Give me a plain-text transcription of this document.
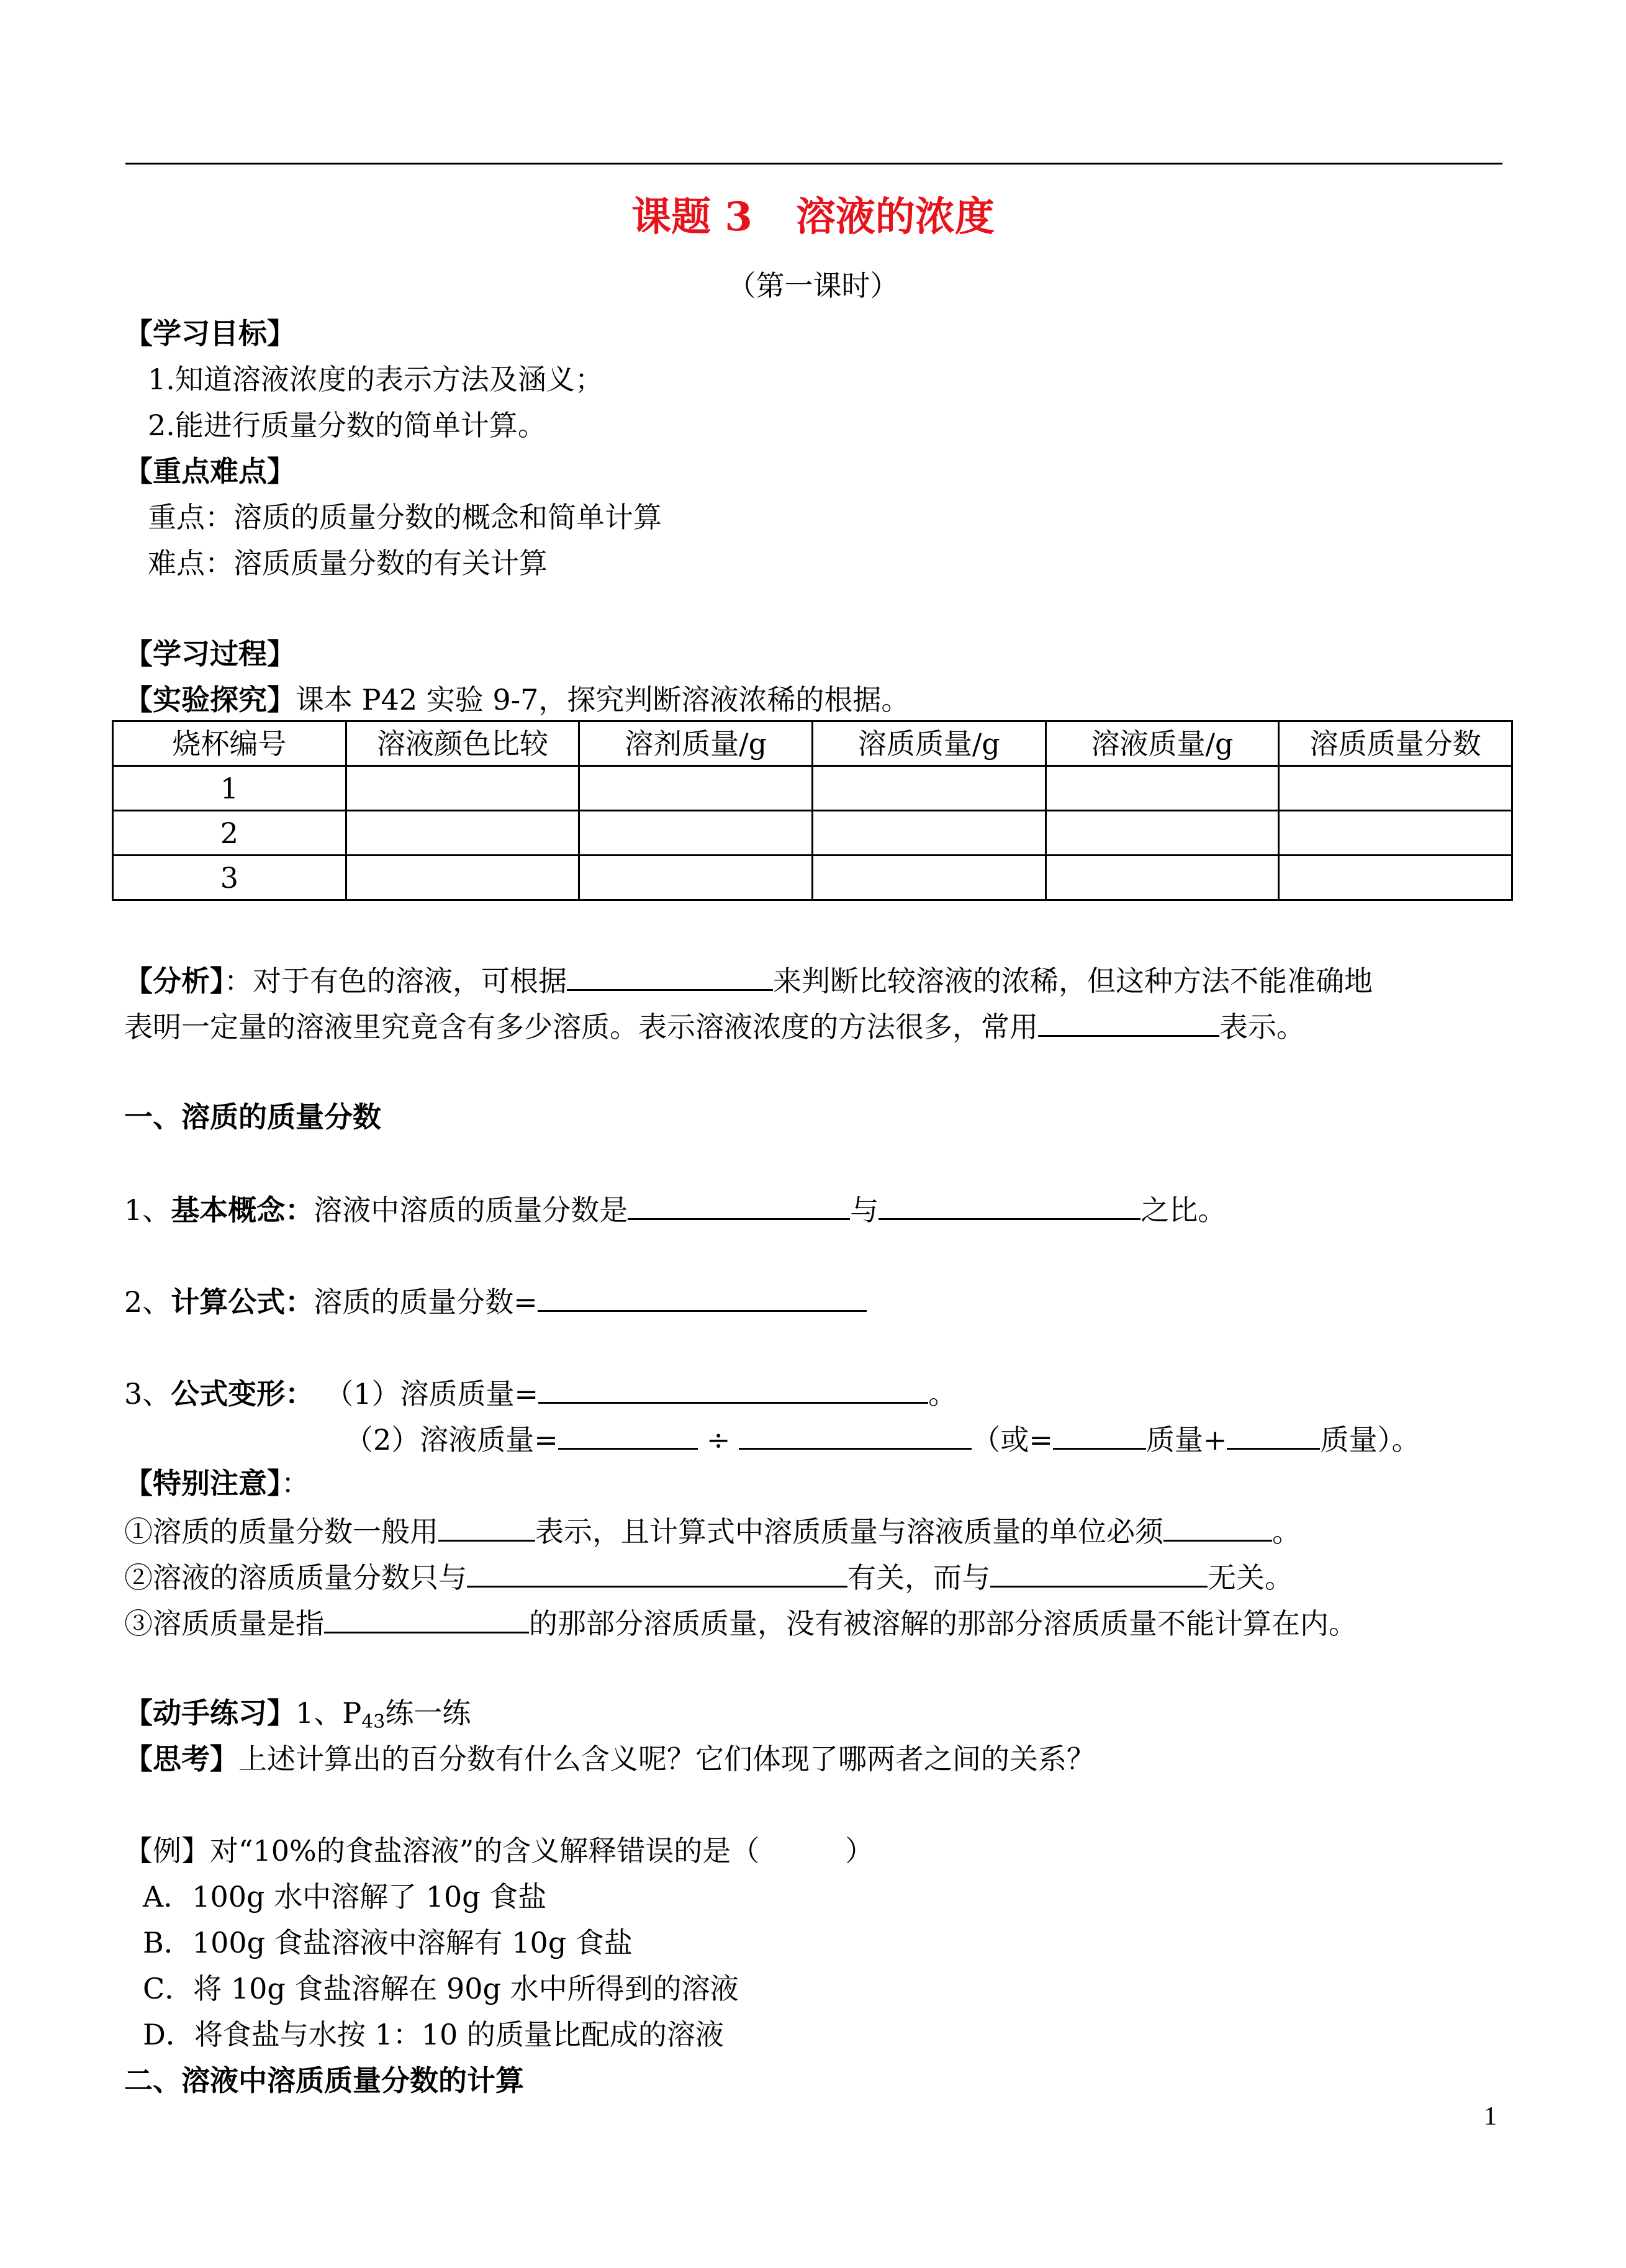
课题 3 溶液的浓度
（第一课时）
【学习目标】
1.知道溶液浓度的表示方法及涵义；
2.能进行质量分数的简单计算。
【重点难点】
重点：溶质的质量分数的概念和简单计算
难点：溶质质量分数的有关计算
【学习过程】
【实验探究】课本 P42 实验 9-7，探究判断溶液浓稀的根据。
烧杯编号	溶液颜色比较	溶剂质量/g	溶质质量/g	溶液质量/g	溶质质量分数
1					
2					
3					
【分析】：对于有色的溶液，可根据	来判断比较溶液的浓稀，但这种方法不能准确地
表明一定量的溶液里究竟含有多少溶质。表示溶液浓度的方法很多，常用	表示。
一、溶质的质量分数
1、基本概念：溶液中溶质的质量分数是	与	之比。
2、计算公式：溶质的质量分数=
3、公式变形： （1）溶质质量=	。
（2）溶液质量=	÷	（或=	质量+	质量）。
【特别注意】：
①溶质的质量分数一般用	表示，且计算式中溶质质量与溶液质量的单位必须	。
②溶液的溶质质量分数只与	有关，而与	无关。
③溶质质量是指	的那部分溶质质量，没有被溶解的那部分溶质质量不能计算在内。
【动手练习】1、$P_{43}$练一练
【思考】上述计算出的百分数有什么含义呢？它们体现了哪两者之间的关系？
【例】对“10%的食盐溶液”的含义解释错误的是（　　　）
A．100g 水中溶解了 10g 食盐
B．100g 食盐溶液中溶解有 10g 食盐
C．将 10g 食盐溶解在 90g 水中所得到的溶液
D．将食盐与水按 1：10 的质量比配成的溶液
二、溶液中溶质质量分数的计算
1
